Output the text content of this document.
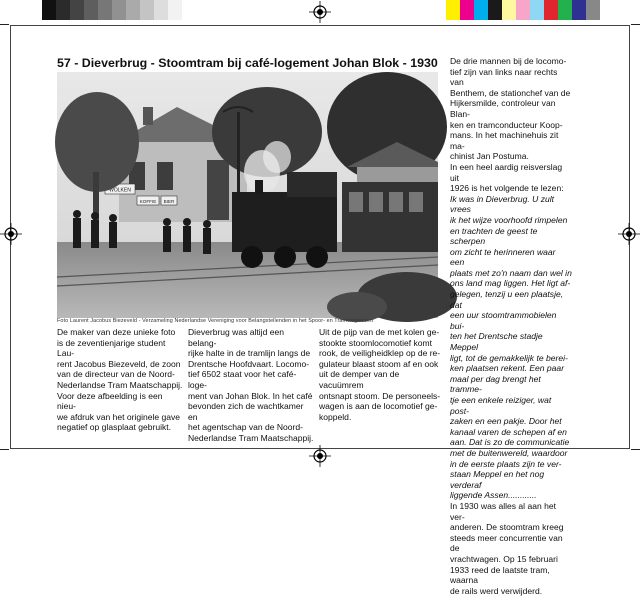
57 - Dieverbrug - Stoomtram bij café-logement Johan Blok - 1930
WOLKEN
KOFFIE BIER
Foto Laurent Jacobus Biezeveld - Verzameling Nederlandse Vereniging voor Belangstellenden in het Spoor- en Tramwegwezen

De maker van deze unieke foto

is de zeventienjarige student Lau-

rent Jacobus Biezeveld, de zoon

van de directeur van de Noord-

Nederlandse Tram Maatschappij.

Voor deze afbeelding is een nieu-

we afdruk van het originele gave

negatief op glasplaat gebruikt.

Dieverbrug was altijd een belang-

rijke halte in de tramlijn langs de

Drentsche Hoofdvaart. Locomo-

tief 6502 staat voor het café-loge-

ment van Johan Blok. In het café

bevonden zich de wachtkamer en

het agentschap van de Noord-

Nederlandse Tram Maatschappij.

Uit de pijp van de met kolen ge-

stookte stoomlocomotief komt

rook, de veiligheidklep op de re-

gulateur blaast stoom af en ook

uit de demper van de vacuümrem

ontsnapt stoom. De personeels-

wagen is aan de locomotief ge-

koppeld.

De drie mannen bij de locomo-

tief zijn van links naar rechts van

Benthem, de stationchef van de

Hijkersmilde, controleur van Blan-

ken en tramconducteur Koop-

mans. In het machinehuis zit ma-

chinist Jan Postuma.

In een heel aardig reisverslag uit

1926 is het volgende te lezen:

Ik was in Dieverbrug. U zult vrees

ik het wijze voorhoofd rimpelen

en trachten de geest te scherpen

om zicht te herinneren waar een

plaats met zo'n naam dan wel in

ons land mag liggen. Het ligt af-

gelegen, tenzij u een plaatsje, dat

een uur stoomtrammobielen bui-

ten het Drentsche stadje Meppel

ligt, tot de gemakkelijk te berei-

ken plaatsen rekent. Een paar

maal per dag brengt het tramme-

tje een enkele reiziger, wat post-

zaken en een pakje. Door het

kanaal varen de schepen af en

aan. Dat is zo de communicatie

met de buitenwereld, waardoor

in de eerste plaats zijn te ver-

staan Meppel en het nog verderaf

liggende Assen............

In 1930 was alles al aan het ver-

anderen. De stoomtram kreeg

steeds meer concurrentie van de

vrachtwagen. Op 15 februari

1933 reed de laatste tram, waarna

de rails werd verwijderd.
